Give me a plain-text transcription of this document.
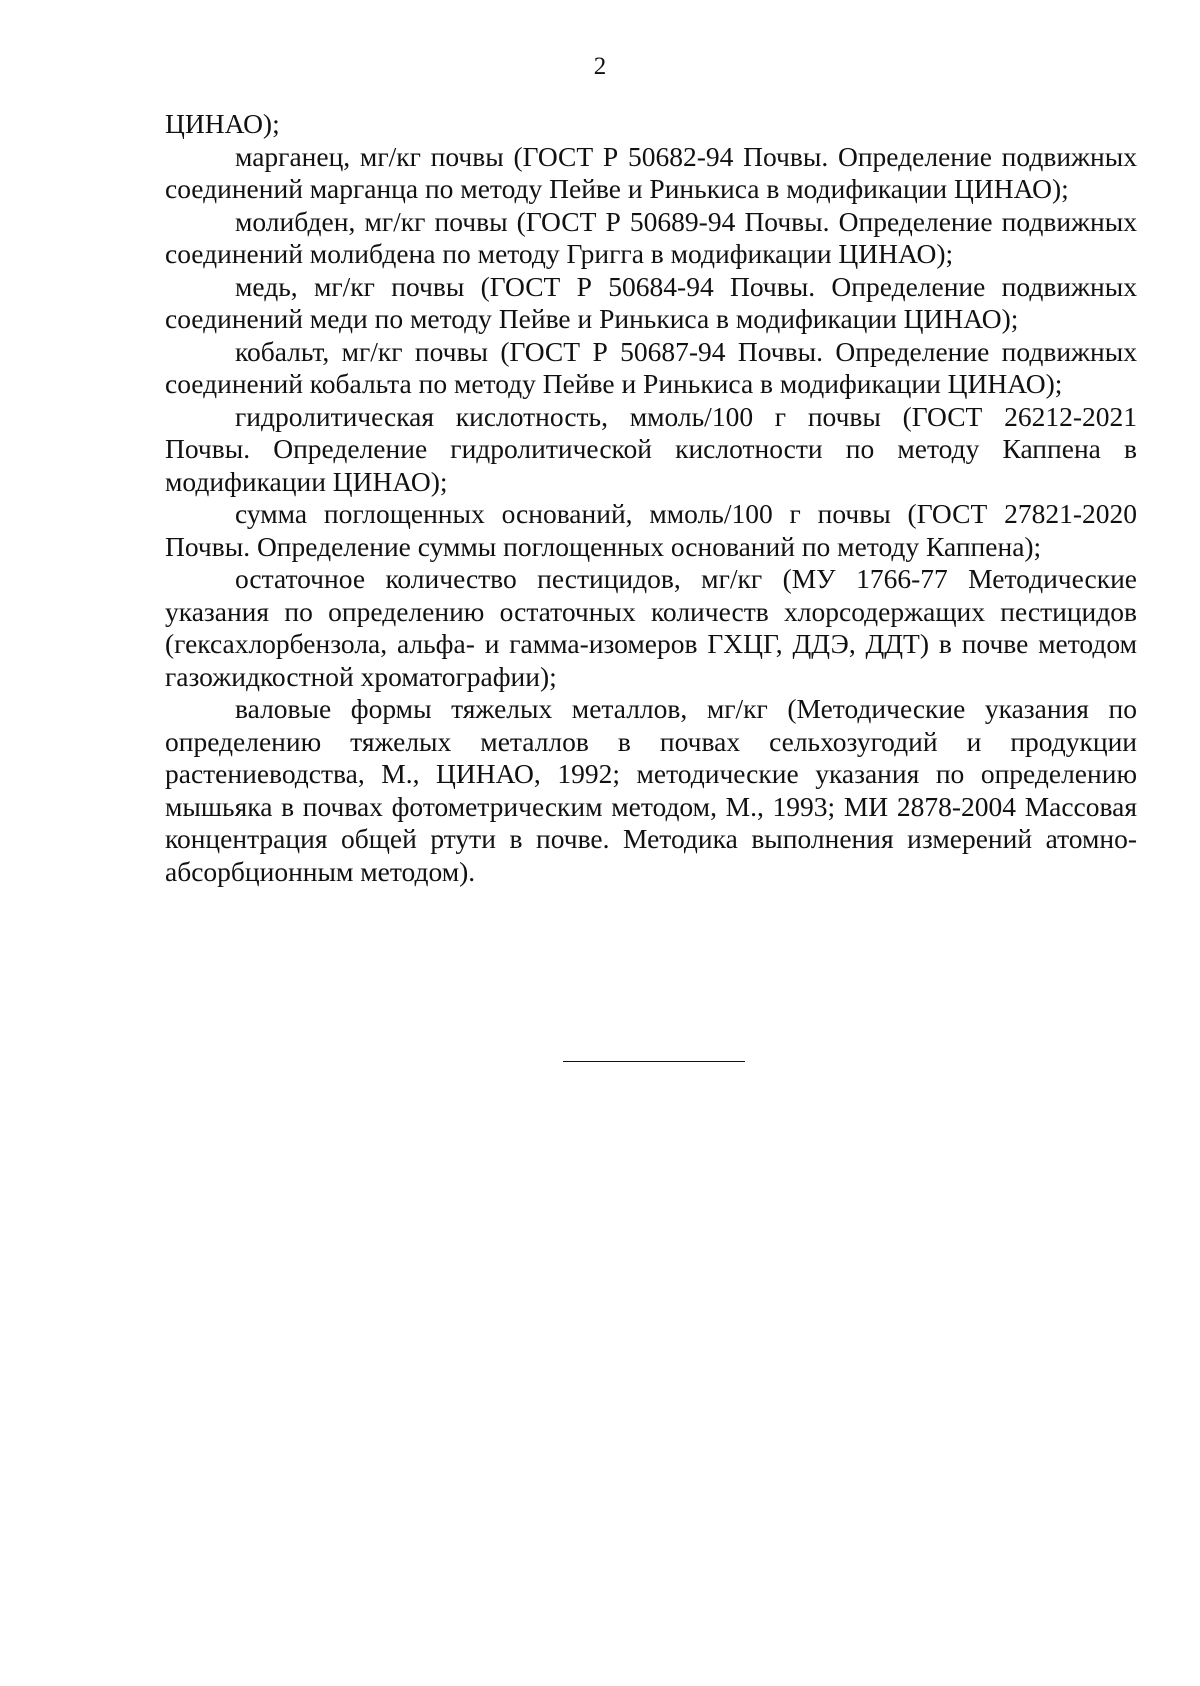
2

ЦИНАО);

марганец, мг/кг почвы (ГОСТ Р 50682-94 Почвы. Определение подвижных соединений марганца по методу Пейве и Ринькиса в модификации ЦИНАО);

молибден, мг/кг почвы (ГОСТ Р 50689-94 Почвы. Определение подвижных соединений молибдена по методу Григга в модификации ЦИНАО);

медь, мг/кг почвы (ГОСТ Р 50684-94 Почвы. Определение подвижных соединений меди по методу Пейве и Ринькиса в модификации ЦИНАО);

кобальт, мг/кг почвы (ГОСТ Р 50687-94 Почвы. Определение подвижных соединений кобальта по методу Пейве и Ринькиса в модификации ЦИНАО);

гидролитическая кислотность, ммоль/100 г почвы (ГОСТ 26212-2021 Почвы. Определение гидролитической кислотности по методу Каппена в модификации ЦИНАО);

сумма поглощенных оснований, ммоль/100 г почвы (ГОСТ 27821-2020 Почвы. Определение суммы поглощенных оснований по методу Каппена);

остаточное количество пестицидов, мг/кг (МУ 1766-77 Методические указания по определению остаточных количеств хлорсодержащих пестицидов (гексахлорбензола, альфа- и гамма-изомеров ГХЦГ, ДДЭ, ДДТ) в почве методом газожидкостной хроматографии);

валовые формы тяжелых металлов, мг/кг (Методические указания по определению тяжелых металлов в почвах сельхозугодий и продукции растениеводства, М., ЦИНАО, 1992; методические указания по определению мышьяка в почвах фотометрическим методом, М., 1993; МИ 2878-2004 Массовая концентрация общей ртути в почве. Методика выполнения измерений атомно-абсорбционным методом).
